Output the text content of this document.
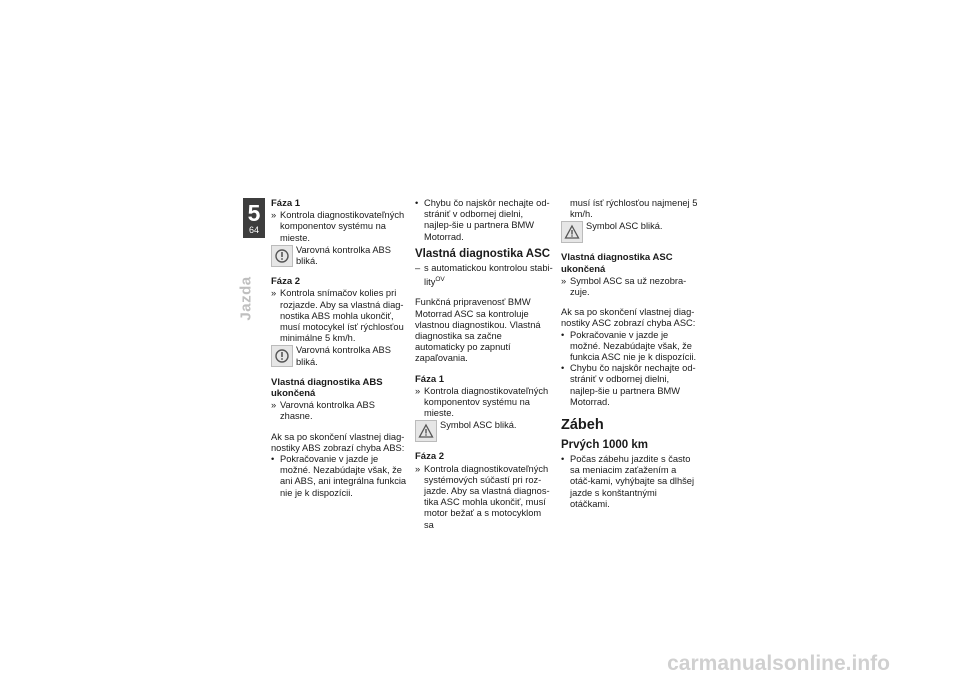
5
64
Jazda
Fáza 1
» Kontrola diagnostikovateľných komponentov systému na mieste.
Varovná kontrolka ABS bliká.
Fáza 2
» Kontrola snímačov kolies pri rozjazde. Aby sa vlastná diag-nostika ABS mohla ukončiť, musí motocykel ísť rýchlosťou minimálne 5 km/h.
Varovná kontrolka ABS bliká.
Vlastná diagnostika ABS ukončená
» Varovná kontrolka ABS zhasne.

Ak sa po skončení vlastnej diag-nostiky ABS zobrazí chyba ABS:

• Pokračovanie v jazde je možné. Nezabúdajte však, že ani ABS, ani integrálna funkcia nie je k dispozícii.
• Chybu čo najskôr nechajte od-strániť v odbornej dielni, najlep-šie u partnera BMW Motorrad.
Vlastná diagnostika ASC
– s automatickou kontrolou stabi-lity$^{OV}$

Funkčná pripravenosť BMW Motorrad ASC sa kontroluje vlastnou diagnostikou. Vlastná diagnostika sa začne automaticky po zapnutí zapaľovania.

Fáza 1
» Kontrola diagnostikovateľných komponentov systému na mieste.
Symbol ASC bliká.
Fáza 2
» Kontrola diagnostikovateľných systémových súčastí pri roz-jazde. Aby sa vlastná diagnos-tika ASC mohla ukončiť, musí motor bežať a s motocyklom sa
musí ísť rýchlosťou najmenej 5 km/h.
Symbol ASC bliká.
Vlastná diagnostika ASC ukončená
» Symbol ASC sa už nezobra-zuje.

Ak sa po skončení vlastnej diag-nostiky ASC zobrazí chyba ASC:

• Pokračovanie v jazde je možné. Nezabúdajte však, že funkcia ASC nie je k dispozícii.
• Chybu čo najskôr nechajte od-strániť v odbornej dielni, najlep-šie u partnera BMW Motorrad.
Zábeh
Prvých 1000 km
• Počas zábehu jazdite s často sa meniacim zaťažením a otáč-kami, vyhýbajte sa dlhšej jazde s konštantnými otáčkami.
carmanualsonline.info
